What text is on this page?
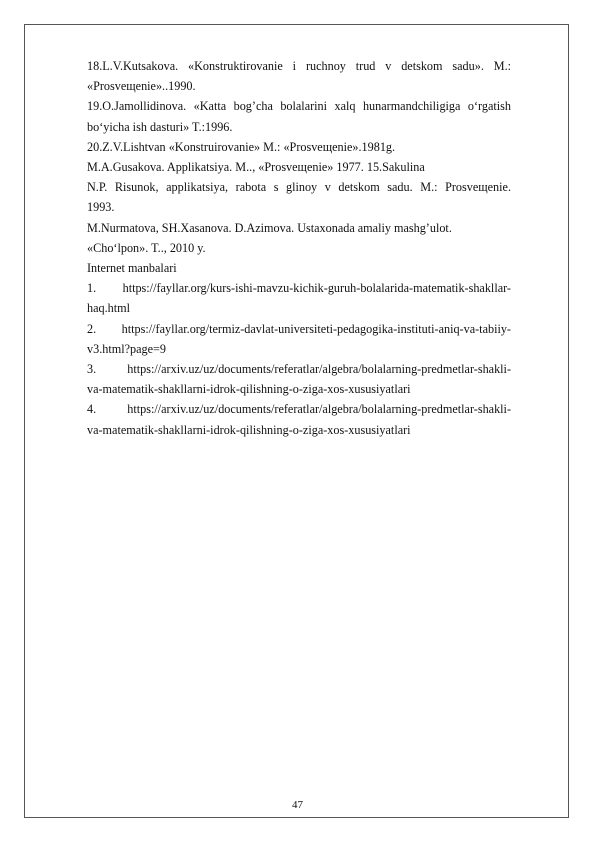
18.L.V.Kutsakova. «Konstruktirovanie i ruchnoy trud v detskom sadu». M.:
«Prosveщenie»..1990.
19.O.Jamollidinova. «Katta bog’cha bolalarini xalq hunarmandchiligiga o‘rgatish
bo‘yicha ish dasturi» T.:1996.
20.Z.V.Lishtvan «Konstruirovanie» M.: «Prosveщenie».1981g.
M.A.Gusakova. Applikatsiya. M.., «Prosveщenie» 1977. 15.Sakulina
N.P. Risunok, applikatsiya, rabota s glinoy v detskom sadu. M.: Prosveщenie.
1993.
M.Nurmatova, SH.Xasanova. D.Azimova. Ustaxonada amaliy mashg’ulot.
«Cho‘lpon». T.., 2010 y.
Internet manbalari
1. https://fayllar.org/kurs-ishi-mavzu-kichik-guruh-bolalarida-matematik-shakllar-
haq.html
2. https://fayllar.org/termiz-davlat-universiteti-pedagogika-instituti-aniq-va-tabiiy-
v3.html?page=9
3. https://arxiv.uz/uz/documents/referatlar/algebra/bolalarning-predmetlar-shakli-
va-matematik-shakllarni-idrok-qilishning-o-ziga-xos-xususiyatlari
4. https://arxiv.uz/uz/documents/referatlar/algebra/bolalarning-predmetlar-shakli-
va-matematik-shakllarni-idrok-qilishning-o-ziga-xos-xususiyatlari
47
